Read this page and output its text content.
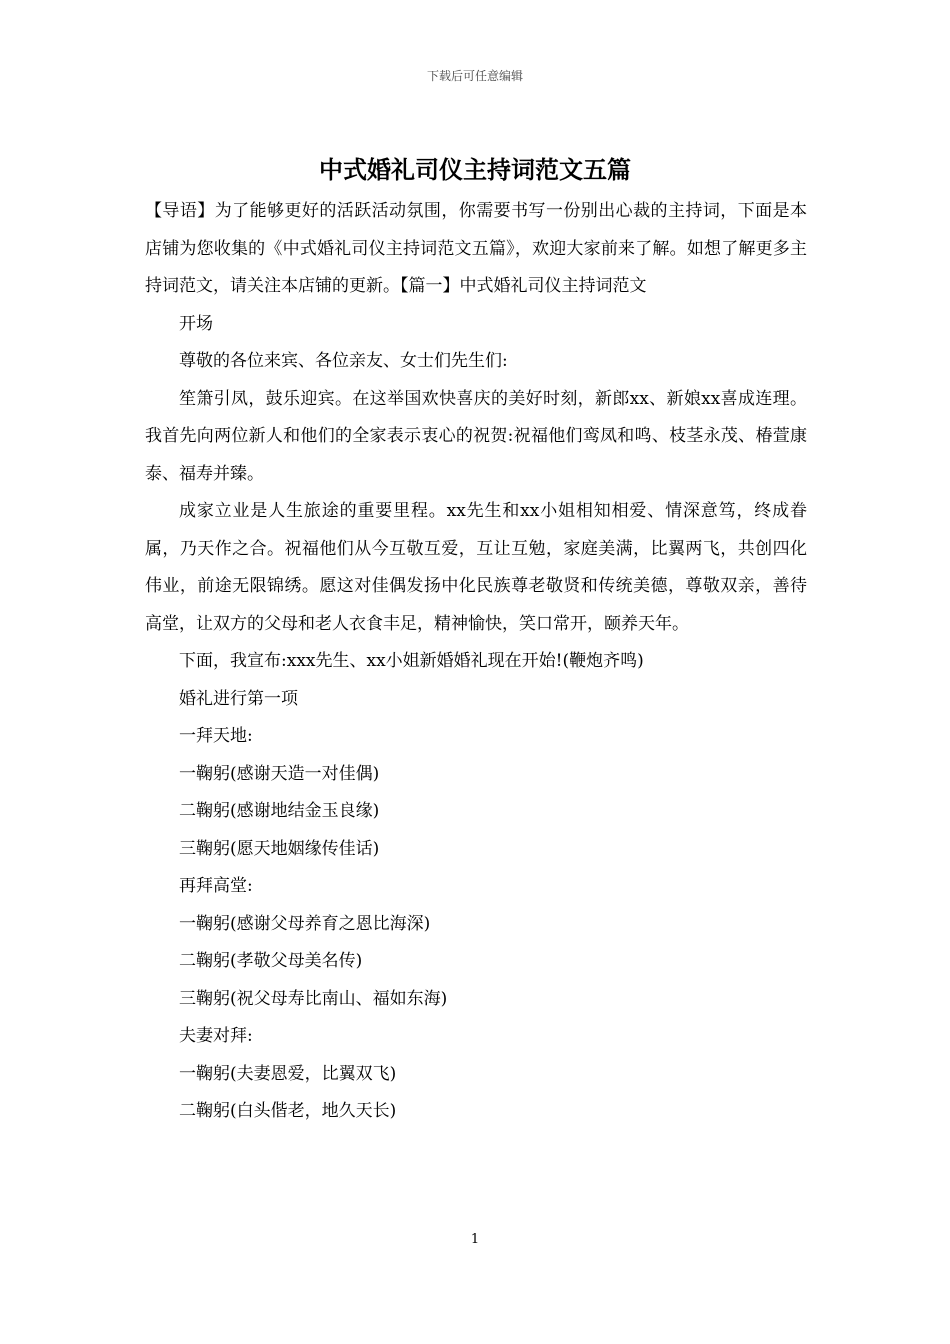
下载后可任意编辑
中式婚礼司仪主持词范文五篇

【导语】为了能够更好的活跃活动氛围，你需要书写一份别出心裁的主持词，下面是本店铺为您收集的《中式婚礼司仪主持词范文五篇》，欢迎大家前来了解。如想了解更多主持词范文，请关注本店铺的更新。【篇一】中式婚礼司仪主持词范文

开场

尊敬的各位来宾、各位亲友、女士们先生们:

笙箫引凤，鼓乐迎宾。在这举国欢快喜庆的美好时刻，新郎xx、新娘xx喜成连理。我首先向两位新人和他们的全家表示衷心的祝贺:祝福他们鸾凤和鸣、枝茎永茂、椿萱康泰、福寿并臻。

成家立业是人生旅途的重要里程。xx先生和xx小姐相知相爱、情深意笃，终成眷属，乃天作之合。祝福他们从今互敬互爱，互让互勉，家庭美满，比翼两飞，共创四化伟业，前途无限锦绣。愿这对佳偶发扬中化民族尊老敬贤和传统美德，尊敬双亲，善待高堂，让双方的父母和老人衣食丰足，精神愉快，笑口常开，颐养天年。

下面，我宣布:xxx先生、xx小姐新婚婚礼现在开始!(鞭炮齐鸣)

婚礼进行第一项

一拜天地:

一鞠躬(感谢天造一对佳偶)

二鞠躬(感谢地结金玉良缘)

三鞠躬(愿天地姻缘传佳话)

再拜高堂:

一鞠躬(感谢父母养育之恩比海深)

二鞠躬(孝敬父母美名传)

三鞠躬(祝父母寿比南山、福如东海)

夫妻对拜:

一鞠躬(夫妻恩爱，比翼双飞)

二鞠躬(白头偕老，地久天长)

1
